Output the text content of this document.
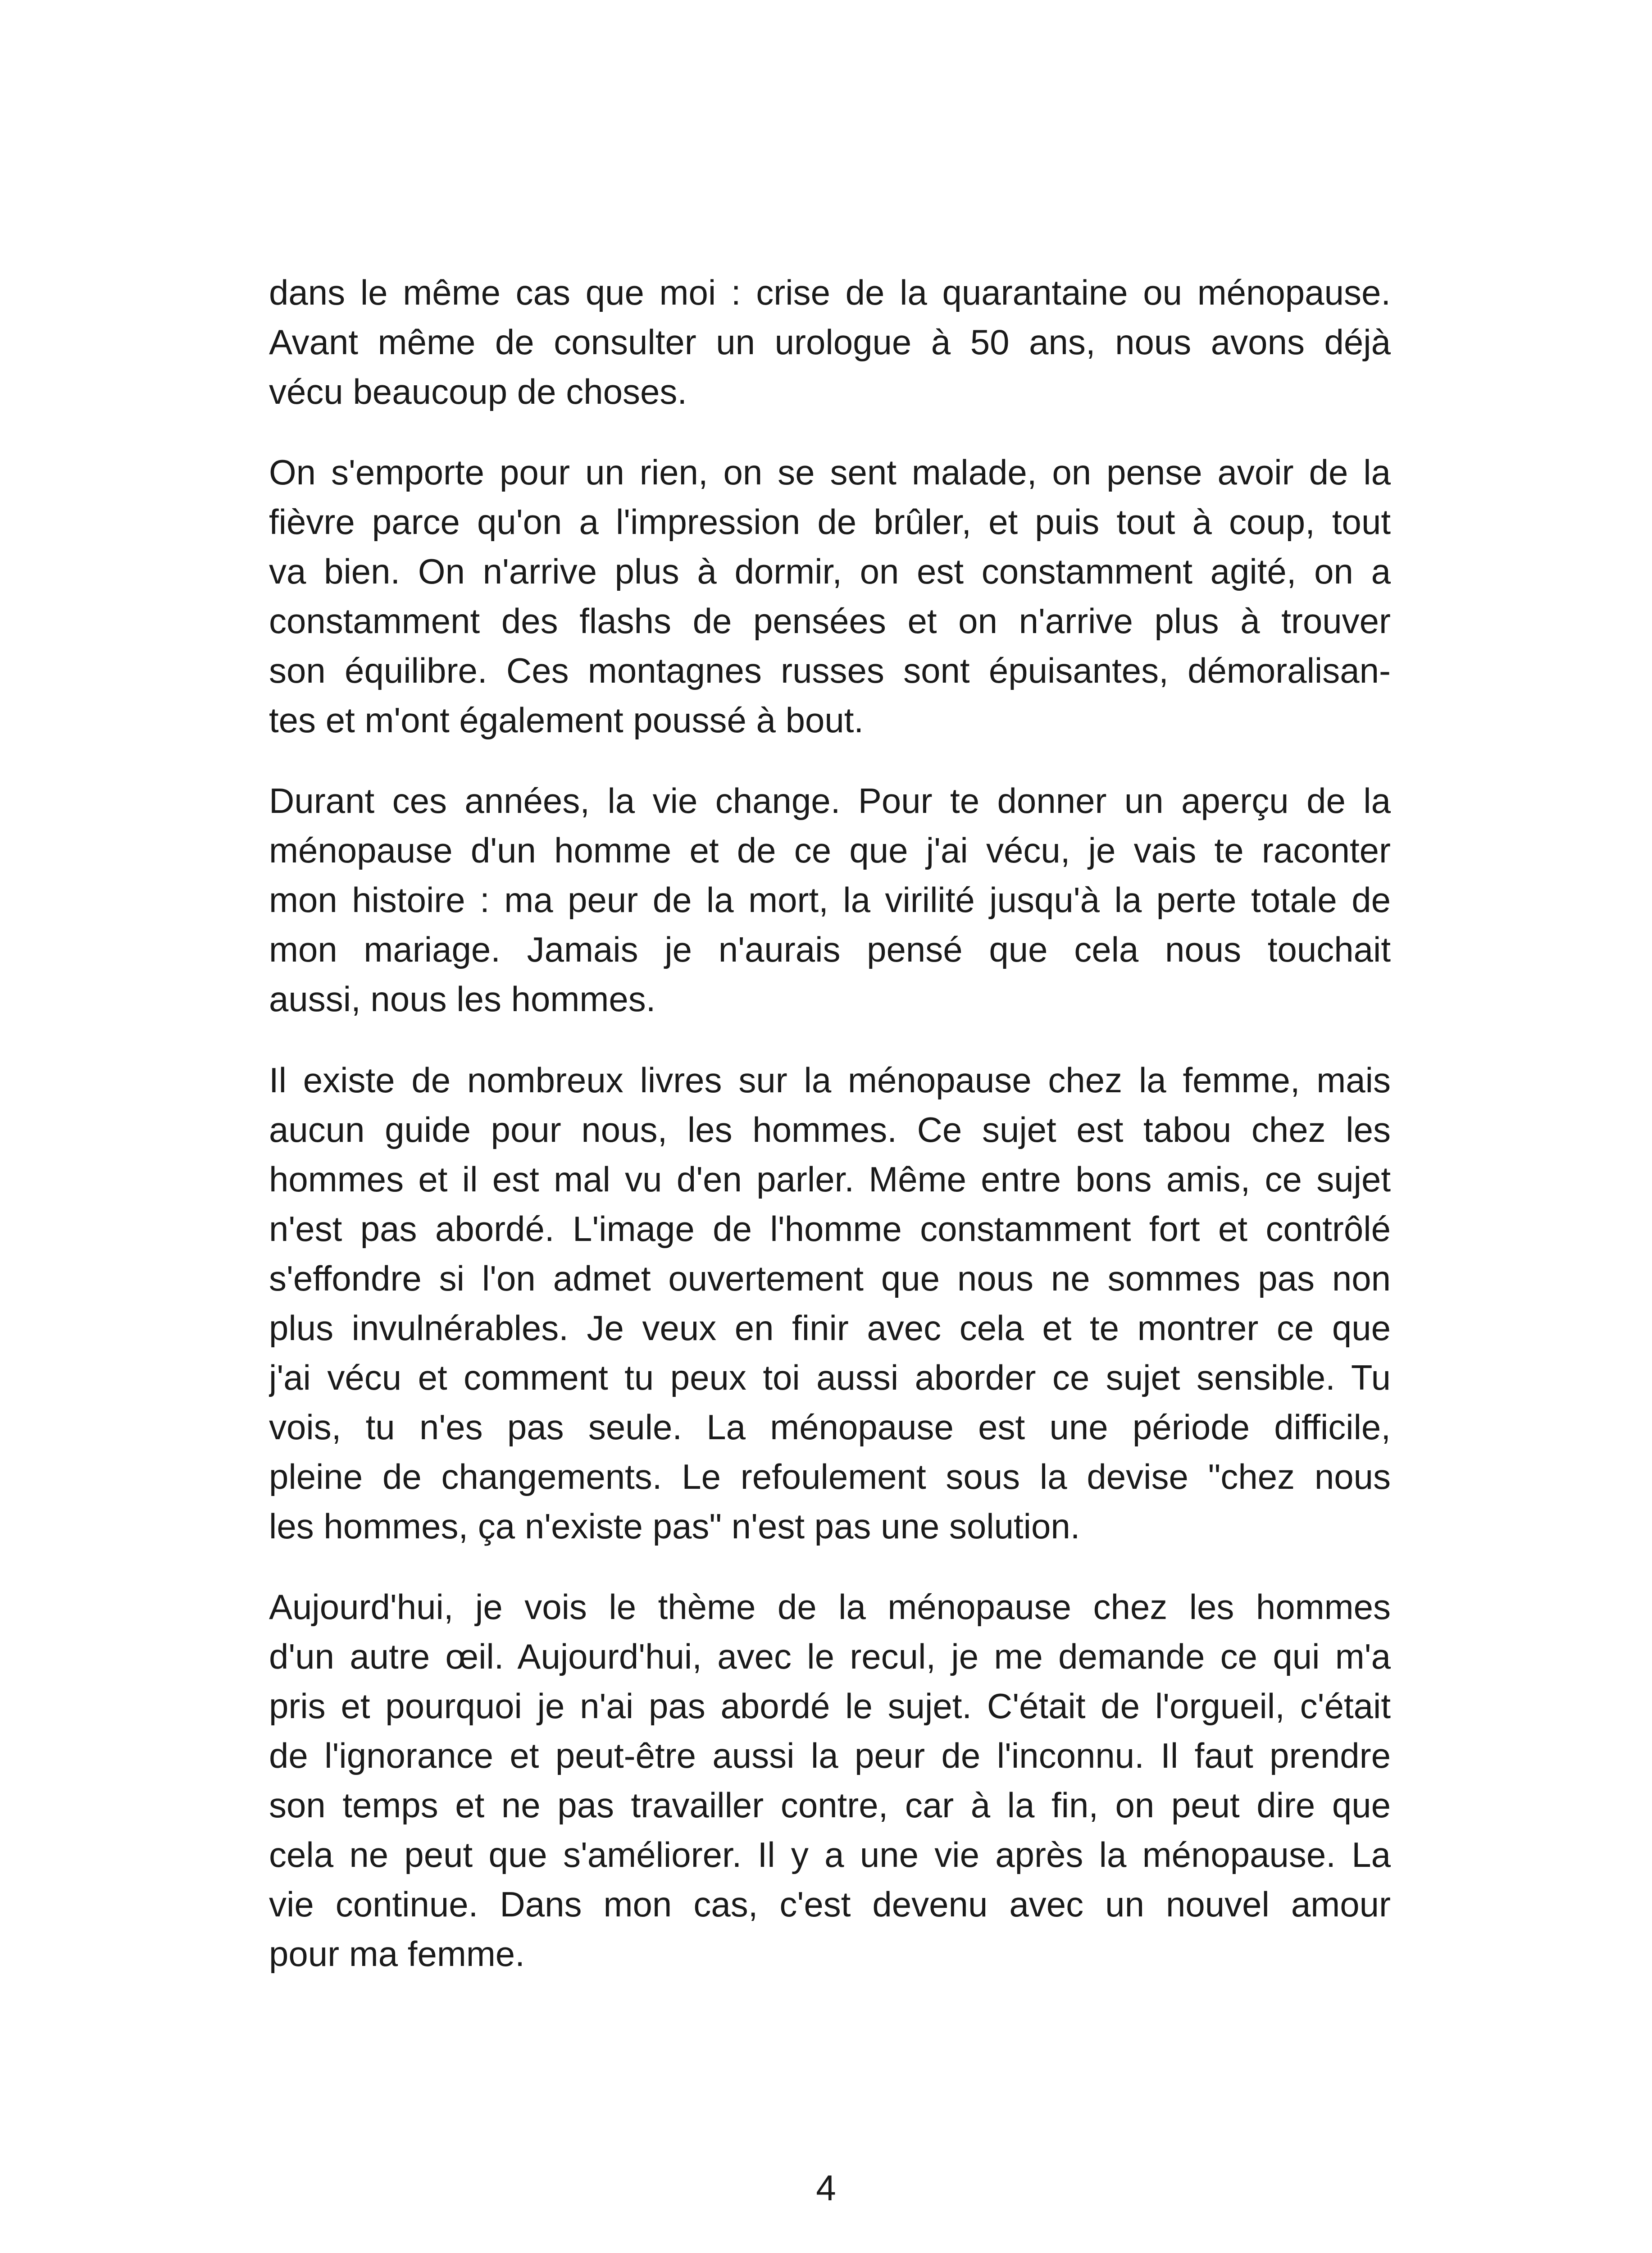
dans le même cas que moi : crise de la quarantaine ou ménopause.
Avant même de consulter un urologue à 50 ans, nous avons déjà
vécu beaucoup de choses.
On s'emporte pour un rien, on se sent malade, on pense avoir de la
fièvre parce qu'on a l'impression de brûler, et puis tout à coup, tout
va bien. On n'arrive plus à dormir, on est constamment agité, on a
constamment des flashs de pensées et on n'arrive plus à trouver
son équilibre. Ces montagnes russes sont épuisantes, démoralisan-
tes et m'ont également poussé à bout.
Durant ces années, la vie change. Pour te donner un aperçu de la
ménopause d'un homme et de ce que j'ai vécu, je vais te raconter
mon histoire : ma peur de la mort, la virilité jusqu'à la perte totale de
mon mariage. Jamais je n'aurais pensé que cela nous touchait
aussi, nous les hommes.
Il existe de nombreux livres sur la ménopause chez la femme, mais
aucun guide pour nous, les hommes. Ce sujet est tabou chez les
hommes et il est mal vu d'en parler. Même entre bons amis, ce sujet
n'est pas abordé. L'image de l'homme constamment fort et contrôlé
s'effondre si l'on admet ouvertement que nous ne sommes pas non
plus invulnérables. Je veux en finir avec cela et te montrer ce que
j'ai vécu et comment tu peux toi aussi aborder ce sujet sensible. Tu
vois, tu n'es pas seule. La ménopause est une période difficile,
pleine de changements. Le refoulement sous la devise "chez nous
les hommes, ça n'existe pas" n'est pas une solution.
Aujourd'hui, je vois le thème de la ménopause chez les hommes
d'un autre œil. Aujourd'hui, avec le recul, je me demande ce qui m'a
pris et pourquoi je n'ai pas abordé le sujet. C'était de l'orgueil, c'était
de l'ignorance et peut-être aussi la peur de l'inconnu. Il faut prendre
son temps et ne pas travailler contre, car à la fin, on peut dire que
cela ne peut que s'améliorer. Il y a une vie après la ménopause. La
vie continue. Dans mon cas, c'est devenu avec un nouvel amour
pour ma femme.
4
